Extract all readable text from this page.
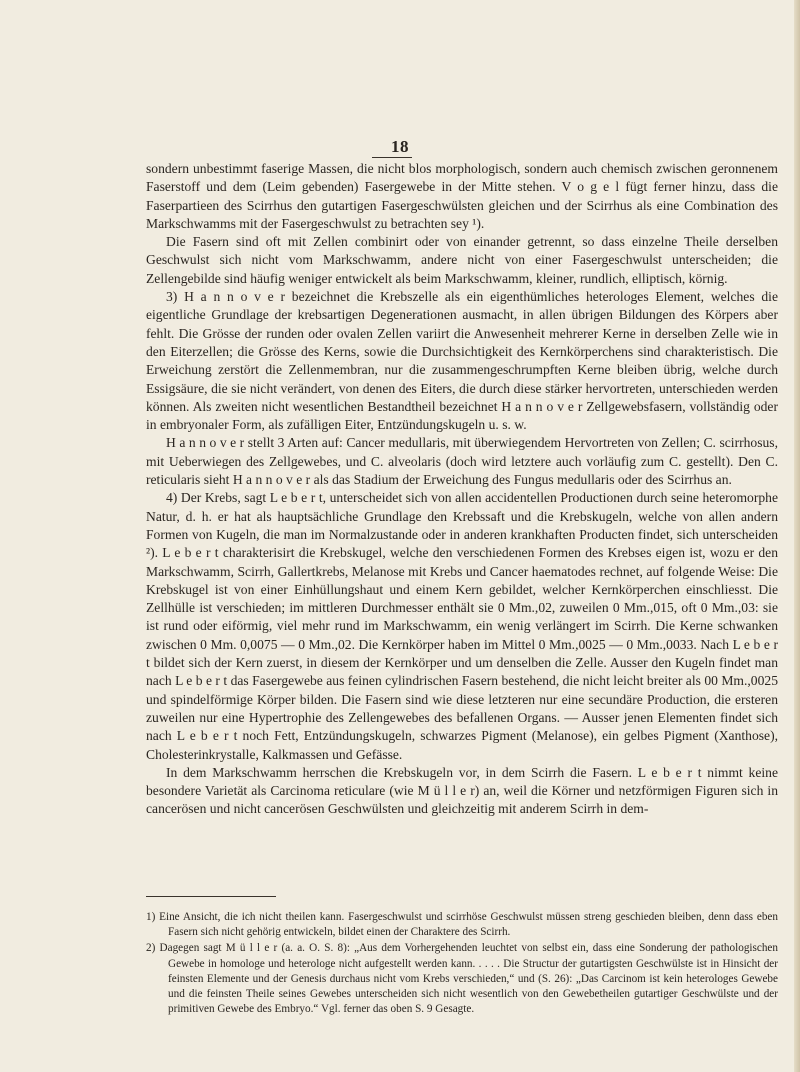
18

sondern unbestimmt faserige Massen, die nicht blos morphologisch, sondern auch chemisch zwischen geronnenem Faserstoff und dem (Leim gebenden) Fasergewebe in der Mitte stehen. V o g e l fügt ferner hinzu, dass die Faserpartieen des Scirrhus den gutartigen Fasergeschwülsten gleichen und der Scirrhus als eine Combination des Markschwamms mit der Fasergeschwulst zu betrachten sey ¹).

Die Fasern sind oft mit Zellen combinirt oder von einander getrennt, so dass einzelne Theile derselben Geschwulst sich nicht vom Markschwamm, andere nicht von einer Fasergeschwulst unterscheiden; die Zellengebilde sind häufig weniger entwickelt als beim Markschwamm, kleiner, rundlich, elliptisch, körnig.

3) H a n n o v e r bezeichnet die Krebszelle als ein eigenthümliches heterologes Element, welches die eigentliche Grundlage der krebsartigen Degenerationen ausmacht, in allen übrigen Bildungen des Körpers aber fehlt. Die Grösse der runden oder ovalen Zellen variirt die Anwesenheit mehrerer Kerne in derselben Zelle wie in den Eiterzellen; die Grösse des Kerns, sowie die Durchsichtigkeit des Kernkörperchens sind charakteristisch. Die Erweichung zerstört die Zellenmembran, nur die zusammengeschrumpften Kerne bleiben übrig, welche durch Essigsäure, die sie nicht verändert, von denen des Eiters, die durch diese stärker hervortreten, unterschieden werden können. Als zweiten nicht wesentlichen Bestandtheil bezeichnet H a n n o v e r Zellgewebsfasern, vollständig oder in embryonaler Form, als zufälligen Eiter, Entzündungskugeln u. s. w.

H a n n o v e r stellt 3 Arten auf: Cancer medullaris, mit überwiegendem Hervortreten von Zellen; C. scirrhosus, mit Ueberwiegen des Zellgewebes, und C. alveolaris (doch wird letztere auch vorläufig zum C. gestellt). Den C. reticularis sieht H a n n o v e r als das Stadium der Erweichung des Fungus medullaris oder des Scirrhus an.

4) Der Krebs, sagt L e b e r t, unterscheidet sich von allen accidentellen Productionen durch seine heteromorphe Natur, d. h. er hat als hauptsächliche Grundlage den Krebssaft und die Krebskugeln, welche von allen andern Formen von Kugeln, die man im Normalzustande oder in anderen krankhaften Producten findet, sich unterscheiden ²). L e b e r t charakterisirt die Krebskugel, welche den verschiedenen Formen des Krebses eigen ist, wozu er den Markschwamm, Scirrh, Gallertkrebs, Melanose mit Krebs und Cancer haematodes rechnet, auf folgende Weise: Die Krebskugel ist von einer Einhüllungshaut und einem Kern gebildet, welcher Kernkörperchen einschliesst. Die Zellhülle ist verschieden; im mittleren Durchmesser enthält sie 0 Mm.,02, zuweilen 0 Mm.,015, oft 0 Mm.,03: sie ist rund oder eiförmig, viel mehr rund im Markschwamm, ein wenig verlängert im Scirrh. Die Kerne schwanken zwischen 0 Mm. 0,0075 — 0 Mm.,02. Die Kernkörper haben im Mittel 0 Mm.,0025 — 0 Mm.,0033. Nach L e b e r t bildet sich der Kern zuerst, in diesem der Kernkörper und um denselben die Zelle. Ausser den Kugeln findet man nach L e b e r t das Fasergewebe aus feinen cylindrischen Fasern bestehend, die nicht leicht breiter als 00 Mm.,0025 und spindelförmige Körper bilden. Die Fasern sind wie diese letzteren nur eine secundäre Production, die ersteren zuweilen nur eine Hypertrophie des Zellengewebes des befallenen Organs. — Ausser jenen Elementen findet sich nach L e b e r t noch Fett, Entzündungskugeln, schwarzes Pigment (Melanose), ein gelbes Pigment (Xanthose), Cholesterinkrystalle, Kalkmassen und Gefässe.

In dem Markschwamm herrschen die Krebskugeln vor, in dem Scirrh die Fasern. L e b e r t nimmt keine besondere Varietät als Carcinoma reticulare (wie M ü l l e r) an, weil die Körner und netzförmigen Figuren sich in cancerösen und nicht cancerösen Geschwülsten und gleichzeitig mit anderem Scirrh in dem-

1) Eine Ansicht, die ich nicht theilen kann. Fasergeschwulst und scirrhöse Geschwulst müssen streng geschieden bleiben, denn dass eben Fasern sich nicht gehörig entwickeln, bildet einen der Charaktere des Scirrh.

2) Dagegen sagt M ü l l e r (a. a. O. S. 8): „Aus dem Vorhergehenden leuchtet von selbst ein, dass eine Sonderung der pathologischen Gewebe in homologe und heterologe nicht aufgestellt werden kann. . . . . Die Structur der gutartigsten Geschwülste ist in Hinsicht der feinsten Elemente und der Genesis durchaus nicht vom Krebs verschieden,“ und (S. 26): „Das Carcinom ist kein heterologes Gewebe und die feinsten Theile seines Gewebes unterscheiden sich nicht wesentlich von den Gewebetheilen gutartiger Geschwülste und der primitiven Gewebe des Embryo.“ Vgl. ferner das oben S. 9 Gesagte.
